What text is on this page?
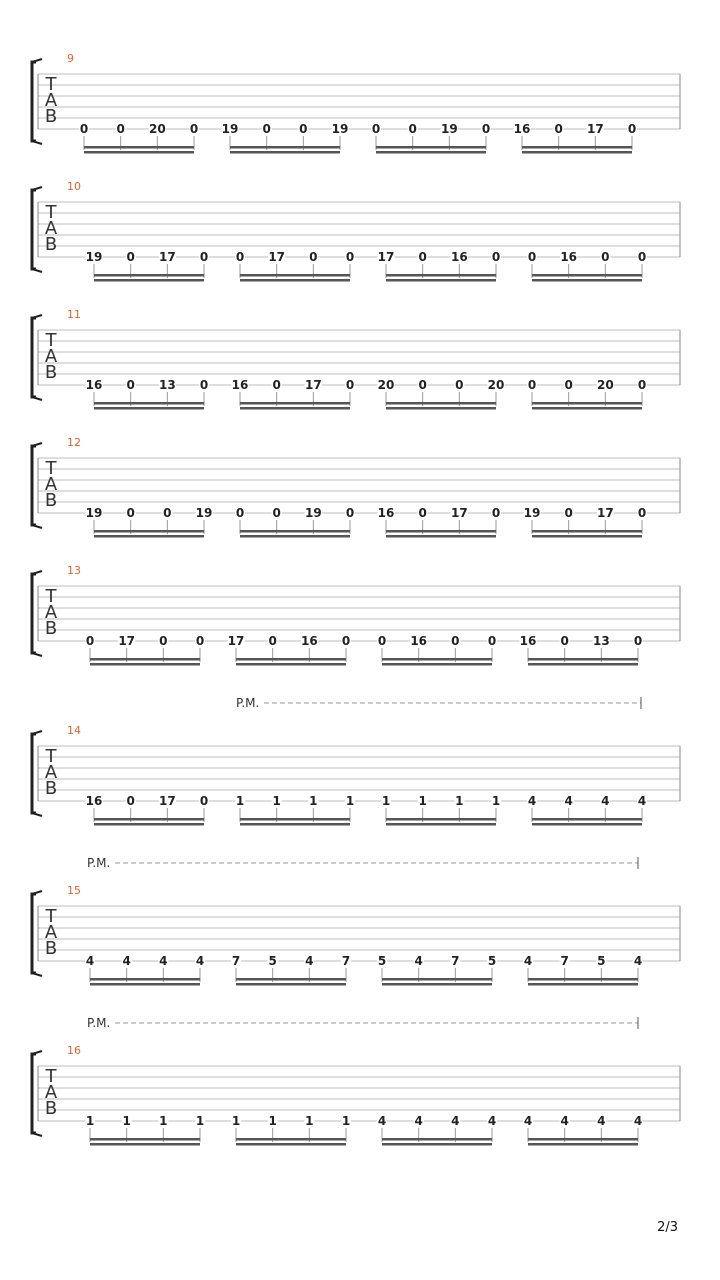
9
T
A
B
0 0 20 0 19 0 0 19 0 0 19 0 16 0 17 0
10
T
A
B
19 0 17 0 0 17 0 0 17 0 16 0 0 16 0 0
11
T
A
B
16 0 13 0 16 0 17 0 20 0 0 20 0 0 20 0
12
T
A
B
19 0 0 19 0 0 19 0 16 0 17 0 19 0 17 0
13
T
A
B
0 17 0 0 17 0 16 0 0 16 0 0 16 0 13 0
P.M.
14
T
A
B
16 0 17 0 1 1 1 1 1 1 1 1 4 4 4 4
P.M.
15
T
A
B
4 4 4 4 7 5 4 7 5 4 7 5 4 7 5 4
P.M.
16
T
A
B
1 1 1 1 1 1 1 1 4 4 4 4 4 4 4 4
2/3
